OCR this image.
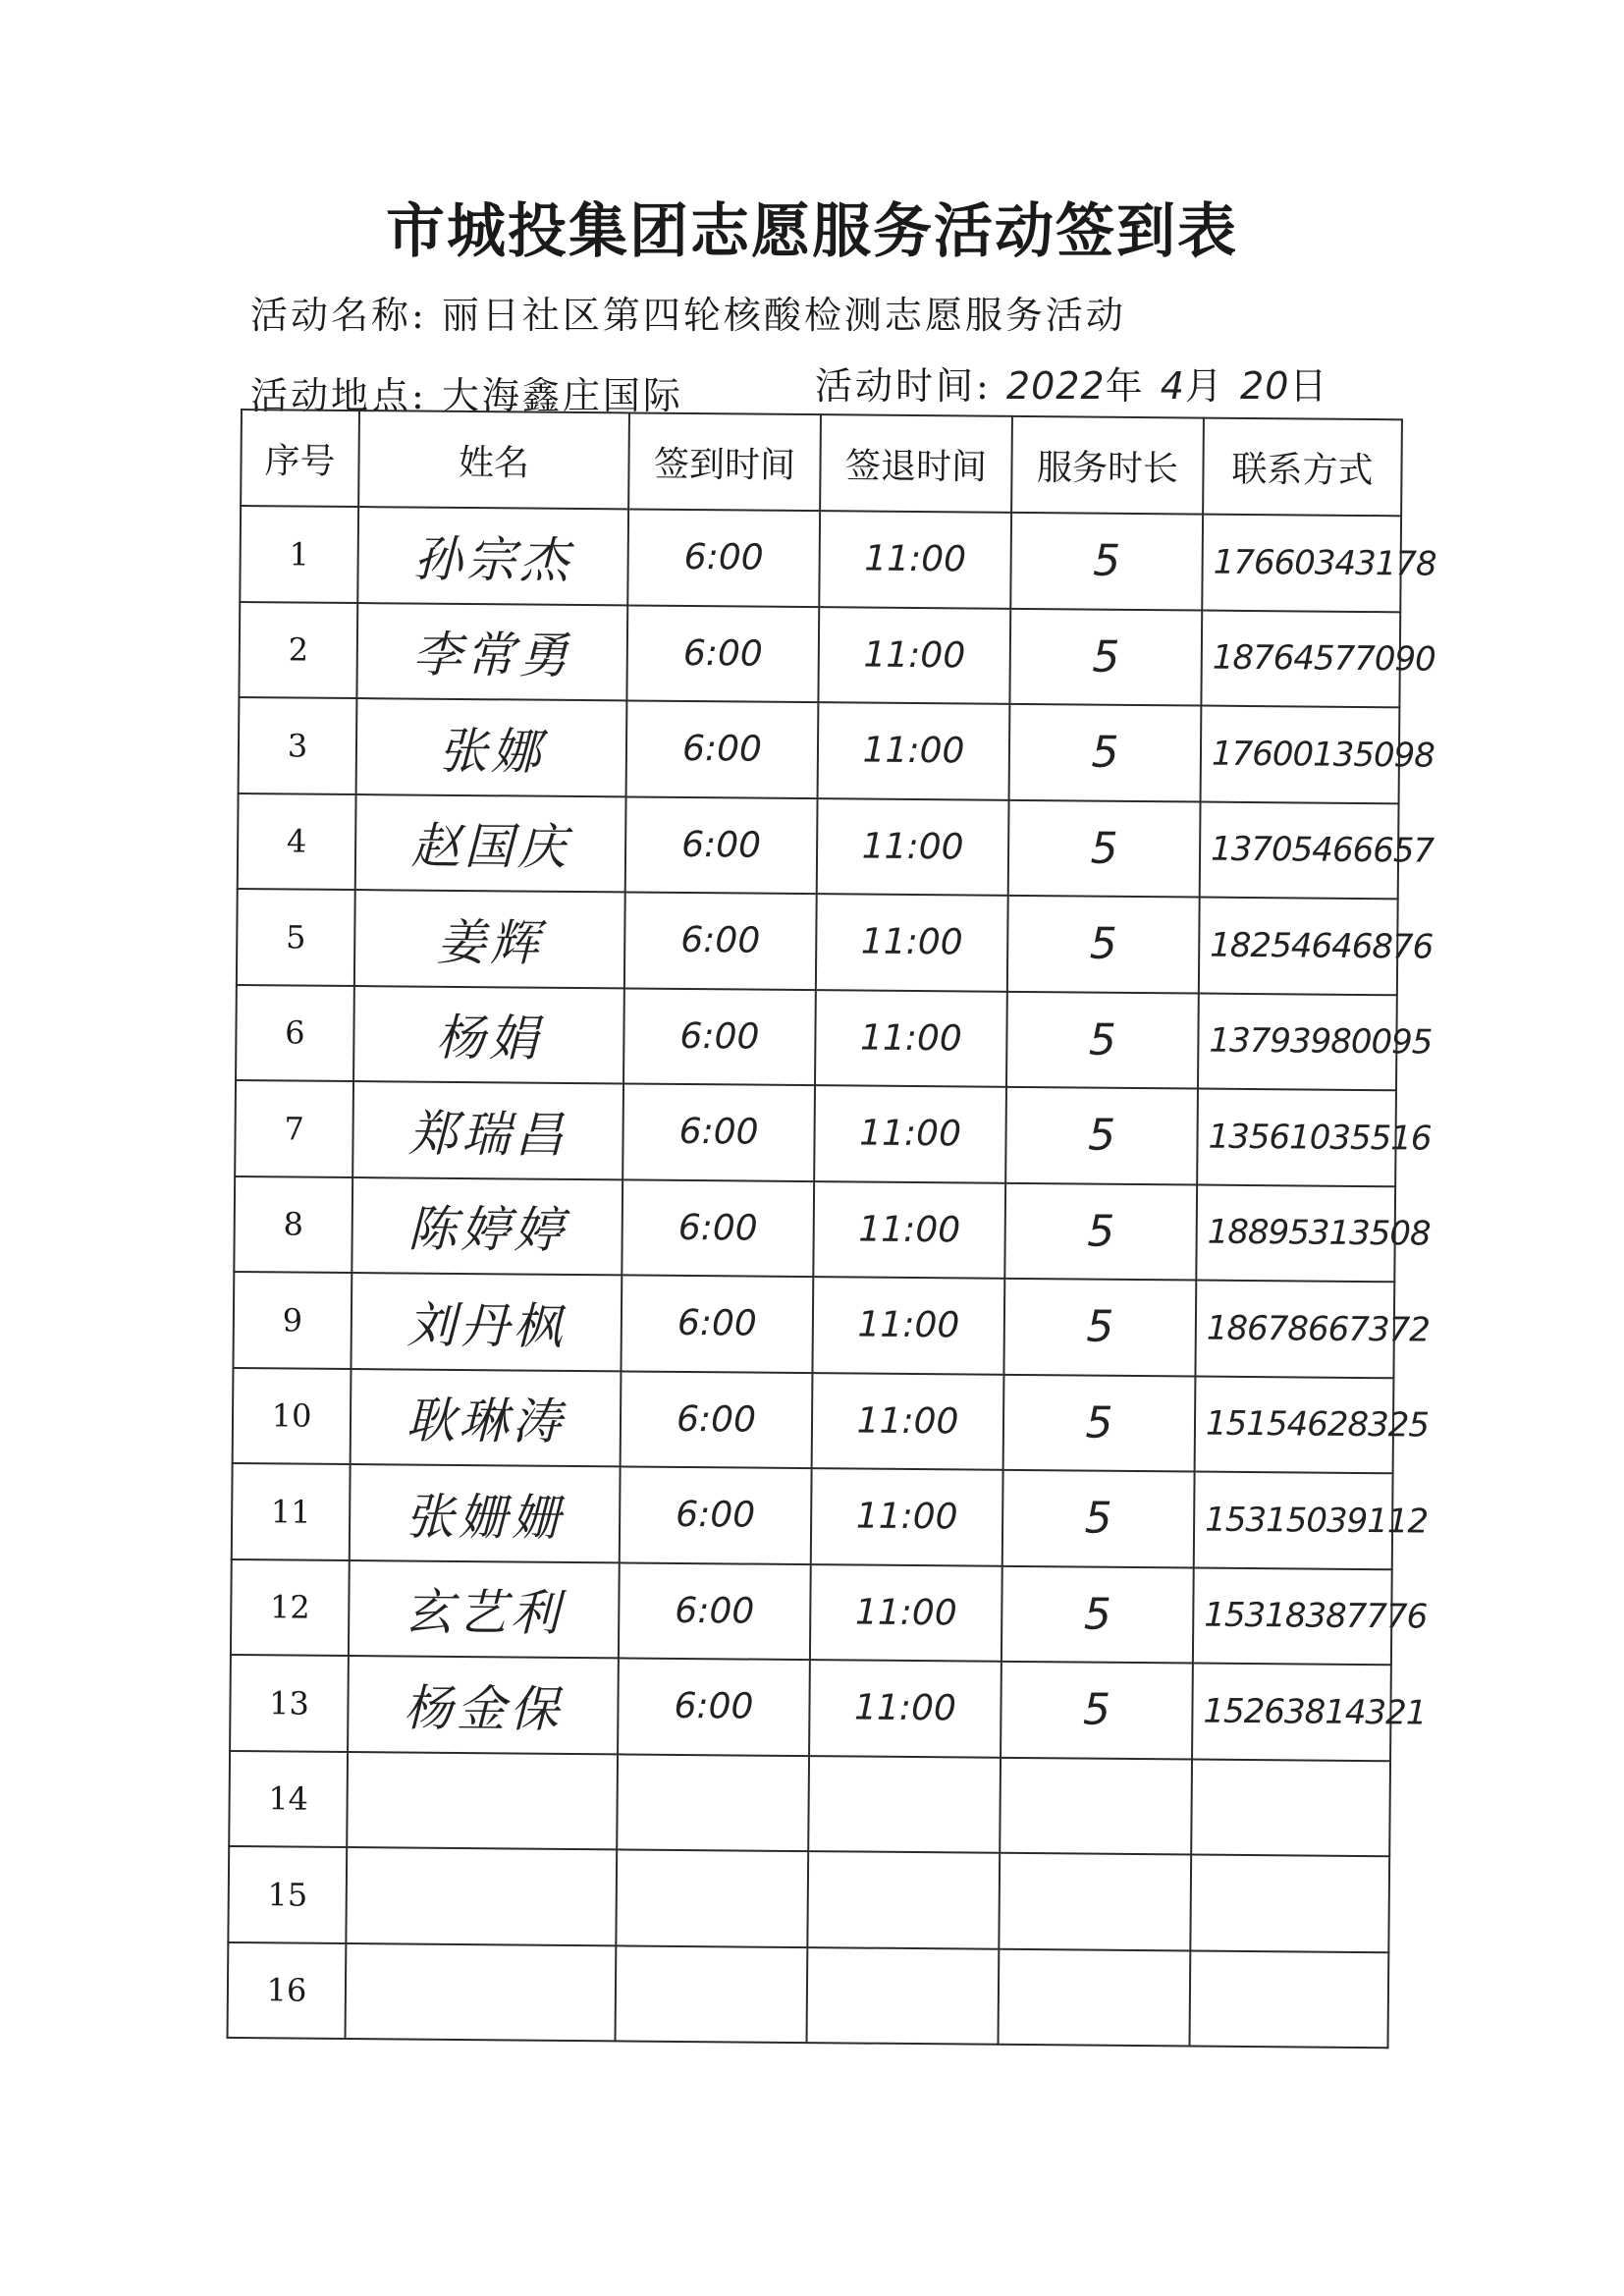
市城投集团志愿服务活动签到表
活动名称: 丽日社区第四轮核酸检测志愿服务活动
活动地点: 大海鑫庄国际	活动时间: 2022年 4月 20日
序号	姓名	签到时间	签退时间	服务时长	联系方式
1	孙宗杰	6:00	11:00	5	17660343178
2	李常勇	6:00	11:00	5	18764577090
3	张娜	6:00	11:00	5	17600135098
4	赵国庆	6:00	11:00	5	13705466657
5	姜辉	6:00	11:00	5	18254646876
6	杨娟	6:00	11:00	5	13793980095
7	郑瑞昌	6:00	11:00	5	13561035516
8	陈婷婷	6:00	11:00	5	18895313508
9	刘丹枫	6:00	11:00	5	18678667372
10	耿琳涛	6:00	11:00	5	15154628325
11	张姗姗	6:00	11:00	5	15315039112
12	玄艺利	6:00	11:00	5	15318387776
13	杨金保	6:00	11:00	5	15263814321
14					
15					
16					
